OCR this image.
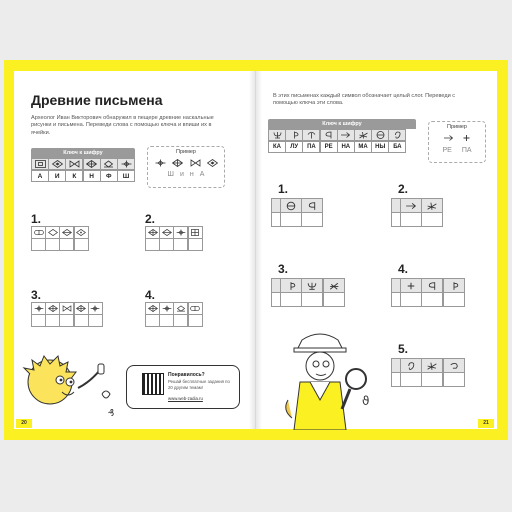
Древние письмена

Археолог Иван Викторович обнаружил в пещере древние наскальные рисунки и письмена. Переведи слова с помощью ключа и впиши их в ячейки.

Ключ к шифру
А	И	К	Н	Ф	Ш
Пример
Ш и н А
1.	2.
3.	4.
Понравилось?
Решай бесплатные задания по 20 другим темам!
www.web-zadia.ru
₰
20

В этих письменах каждый символ обозначает целый слог. Переведи с помощью ключа эти слова.

Ключ к шифру
КА	ЛУ	ПА	РЕ	НА	МА	НЫ	БА
Пример
РЕ ПА
1.	2.
3.	4.
5.
ϑ
21
